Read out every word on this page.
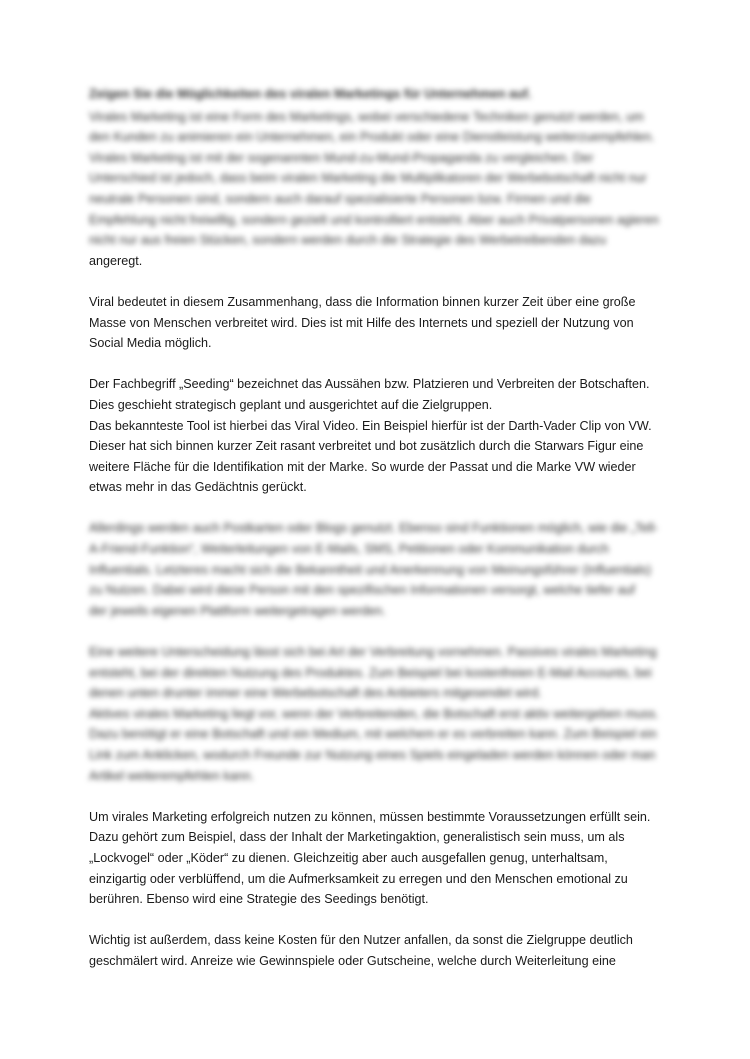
Zeigen Sie die Möglichkeiten des viralen Marketings für Unternehmen auf.
Virales Marketing ist eine Form des Marketings, wobei verschiedene Techniken genutzt werden, um
den Kunden zu animieren ein Unternehmen, ein Produkt oder eine Dienstleistung weiterzuempfehlen.
Virales Marketing ist mit der sogenannten Mund-zu-Mund-Propaganda zu vergleichen. Der
Unterschied ist jedoch, dass beim viralen Marketing die Multiplikatoren der Werbebotschaft nicht nur
neutrale Personen sind, sondern auch darauf spezialisierte Personen bzw. Firmen und die
Empfehlung nicht freiwillig, sondern gezielt und kontrolliert entsteht. Aber auch Privatpersonen agieren
nicht nur aus freien Stücken, sondern werden durch die Strategie des Werbetreibenden dazu
angeregt.
Viral bedeutet in diesem Zusammenhang, dass die Information binnen kurzer Zeit über eine große
Masse von Menschen verbreitet wird. Dies ist mit Hilfe des Internets und speziell der Nutzung von
Social Media möglich.
Der Fachbegriff „Seeding“ bezeichnet das Aussähen bzw. Platzieren und Verbreiten der Botschaften.
Dies geschieht strategisch geplant und ausgerichtet auf die Zielgruppen.
Das bekannteste Tool ist hierbei das Viral Video. Ein Beispiel hierfür ist der Darth-Vader Clip von VW.
Dieser hat sich binnen kurzer Zeit rasant verbreitet und bot zusätzlich durch die Starwars Figur eine
weitere Fläche für die Identifikation mit der Marke. So wurde der Passat und die Marke VW wieder
etwas mehr in das Gedächtnis gerückt.
Allerdings werden auch Postkarten oder Blogs genutzt. Ebenso sind Funktionen möglich, wie die „Tell-
A-Friend-Funktion“, Weiterleitungen von E-Mails, SMS, Petitionen oder Kommunikation durch
Influentials. Letzteres macht sich die Bekanntheit und Anerkennung von Meinungsführer (Influentials)
zu Nutzen. Dabei wird diese Person mit den spezifischen Informationen versorgt, welche tiefer auf
der jeweils eigenen Plattform weitergetragen werden.
Eine weitere Unterscheidung lässt sich bei Art der Verbreitung vornehmen. Passives virales Marketing
entsteht, bei der direkten Nutzung des Produktes. Zum Beispiel bei kostenfreien E-Mail Accounts, bei
denen unten drunter immer eine Werbebotschaft des Anbieters mitgesendet wird.
Aktives virales Marketing liegt vor, wenn der Verbreitenden, die Botschaft erst aktiv weitergeben muss.
Dazu benötigt er eine Botschaft und ein Medium, mit welchem er es verbreiten kann. Zum Beispiel ein
Link zum Anklicken, wodurch Freunde zur Nutzung eines Spiels eingeladen werden können oder man
Artikel weiterempfehlen kann.
Um virales Marketing erfolgreich nutzen zu können, müssen bestimmte Voraussetzungen erfüllt sein.
Dazu gehört zum Beispiel, dass der Inhalt der Marketingaktion, generalistisch sein muss, um als
„Lockvogel“ oder „Köder“ zu dienen. Gleichzeitig aber auch ausgefallen genug, unterhaltsam,
einzigartig oder verblüffend, um die Aufmerksamkeit zu erregen und den Menschen emotional zu
berühren. Ebenso wird eine Strategie des Seedings benötigt.
Wichtig ist außerdem, dass keine Kosten für den Nutzer anfallen, da sonst die Zielgruppe deutlich
geschmälert wird. Anreize wie Gewinnspiele oder Gutscheine, welche durch Weiterleitung eine
